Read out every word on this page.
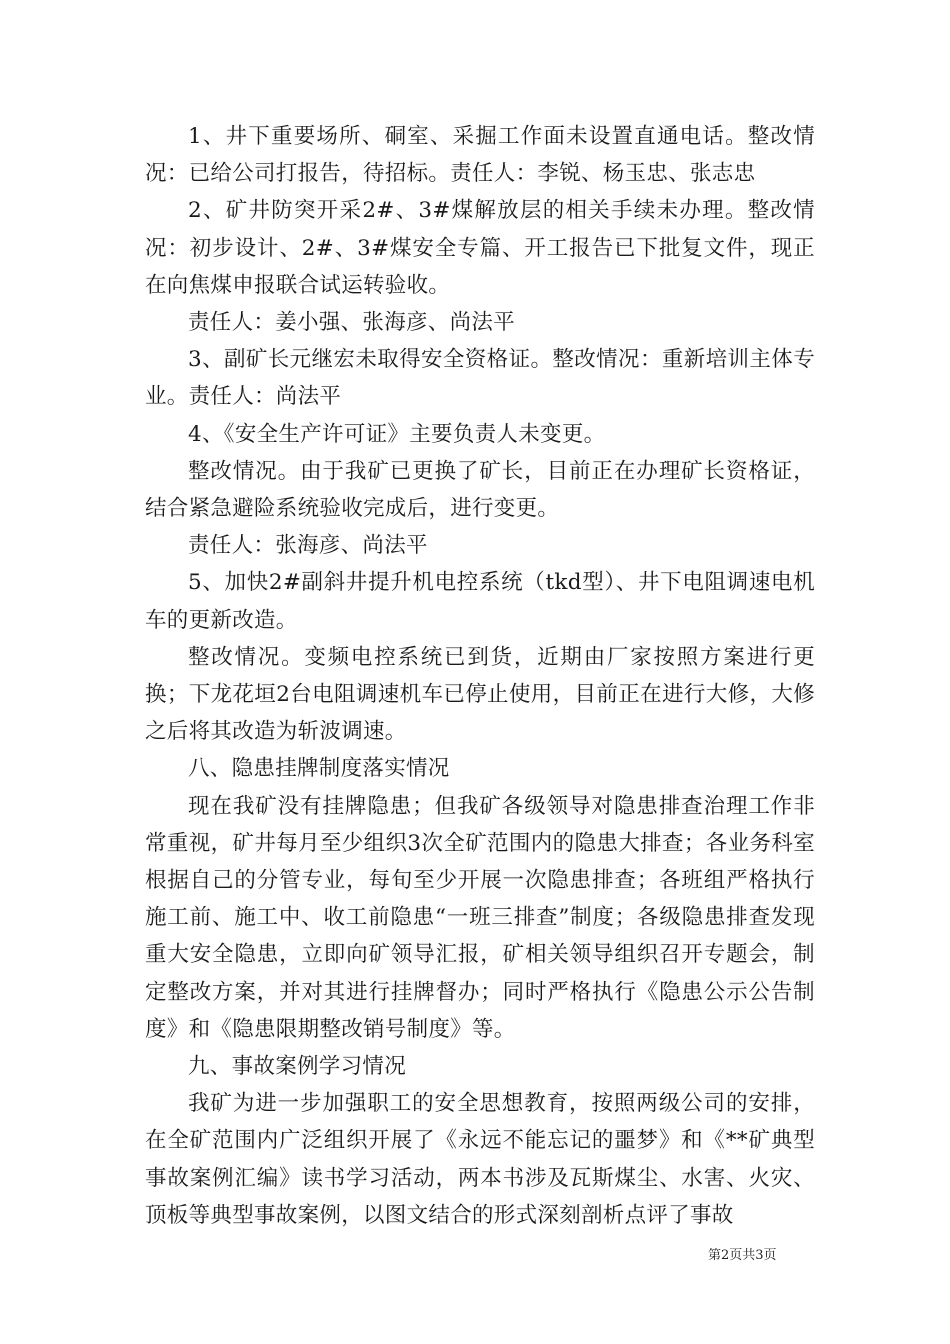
1、井下重要场所、硐室、采掘工作面未设置直通电话。整改情况：已给公司打报告，待招标。责任人：李锐、杨玉忠、张志忠

2、矿井防突开采2#、3#煤解放层的相关手续未办理。整改情况：初步设计、2#、3#煤安全专篇、开工报告已下批复文件，现正在向焦煤申报联合试运转验收。

责任人：姜小强、张海彦、尚法平

3、副矿长元继宏未取得安全资格证。整改情况：重新培训主体专业。责任人：尚法平

4、《安全生产许可证》主要负责人未变更。

整改情况。由于我矿已更换了矿长，目前正在办理矿长资格证，结合紧急避险系统验收完成后，进行变更。

责任人：张海彦、尚法平

5、加快2#副斜井提升机电控系统（tkd型）、井下电阻调速电机车的更新改造。

整改情况。变频电控系统已到货，近期由厂家按照方案进行更换；下龙花垣2台电阻调速机车已停止使用，目前正在进行大修，大修之后将其改造为斩波调速。

八、隐患挂牌制度落实情况

现在我矿没有挂牌隐患；但我矿各级领导对隐患排查治理工作非常重视，矿井每月至少组织3次全矿范围内的隐患大排查；各业务科室根据自己的分管专业，每旬至少开展一次隐患排查；各班组严格执行施工前、施工中、收工前隐患“一班三排查”制度；各级隐患排查发现重大安全隐患，立即向矿领导汇报，矿相关领导组织召开专题会，制定整改方案，并对其进行挂牌督办；同时严格执行《隐患公示公告制度》和《隐患限期整改销号制度》等。

九、事故案例学习情况

我矿为进一步加强职工的安全思想教育，按照两级公司的安排，在全矿范围内广泛组织开展了《永远不能忘记的噩梦》和《**矿典型事故案例汇编》读书学习活动，两本书涉及瓦斯煤尘、水害、火灾、顶板等典型事故案例，以图文结合的形式深刻剖析点评了事故

第2页共3页
